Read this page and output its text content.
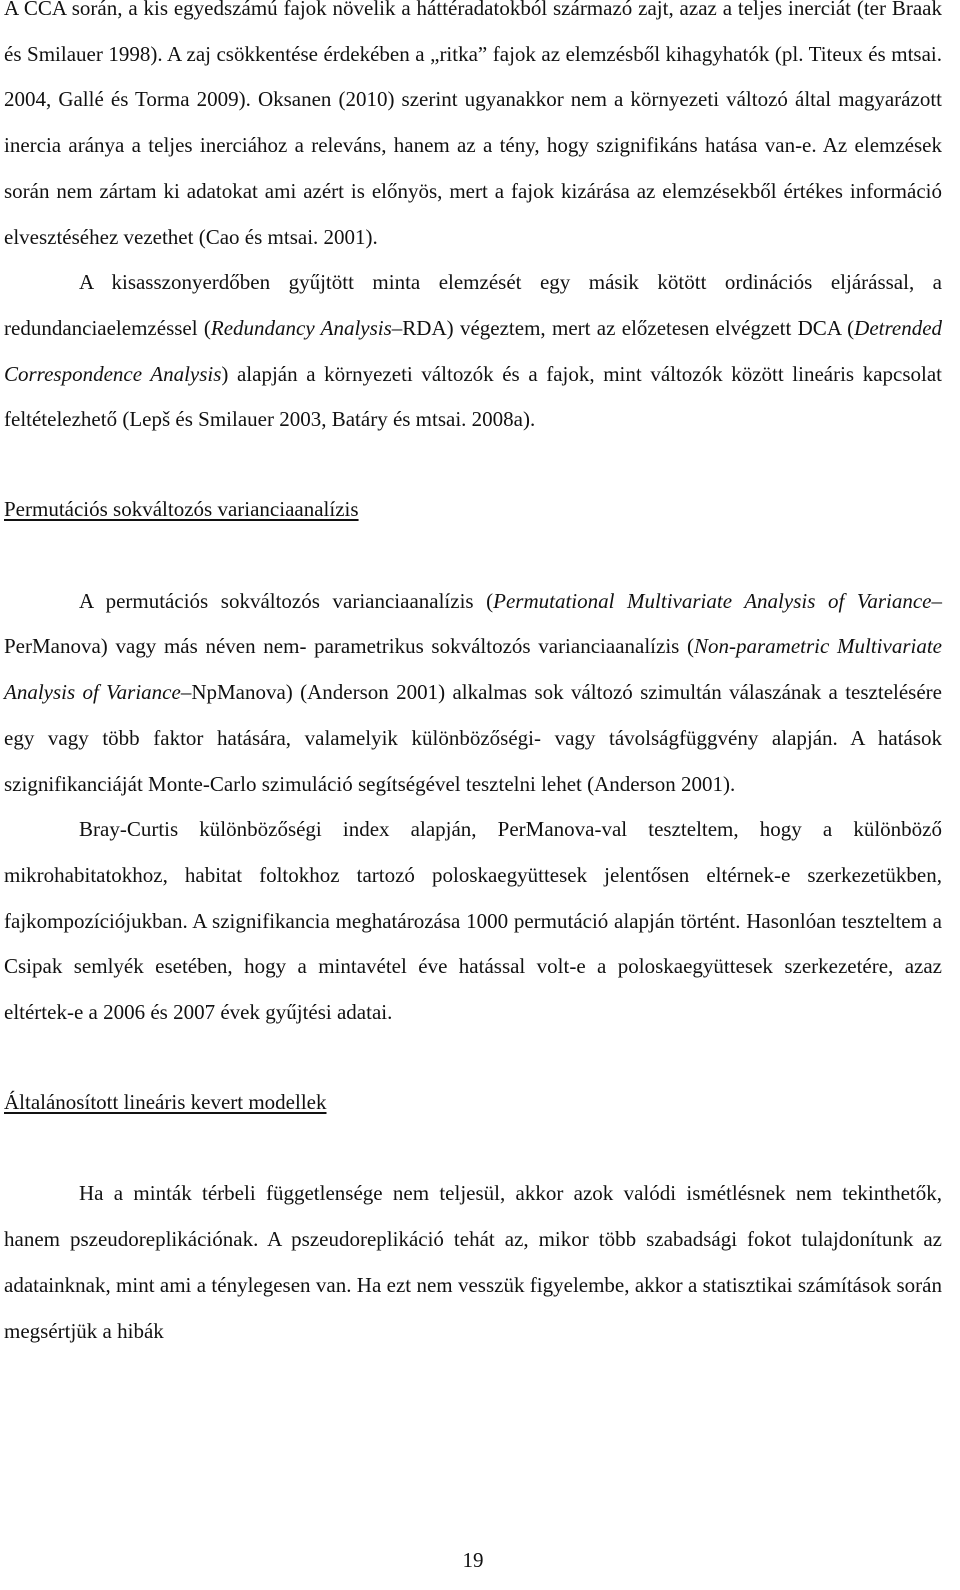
A CCA során, a kis egyedszámú fajok növelik a háttéradatokból származó zajt, azaz a teljes inerciát (ter Braak és Smilauer 1998). A zaj csökkentése érdekében a „ritka” fajok az elemzésből kihagyhatók (pl. Titeux és mtsai. 2004, Gallé és Torma 2009). Oksanen (2010) szerint ugyanakkor nem a környezeti változó által magyarázott inercia aránya a teljes inerciához a releváns, hanem az a tény, hogy szignifikáns hatása van-e. Az elemzések során nem zártam ki adatokat ami azért is előnyös, mert a fajok kizárása az elemzésekből értékes információ elvesztéséhez vezethet (Cao és mtsai. 2001).

A kisasszonyerdőben gyűjtött minta elemzését egy másik kötött ordinációs eljárással, a redundanciaelemzéssel (Redundancy Analysis–RDA) végeztem, mert az előzetesen elvégzett DCA (Detrended Correspondence Analysis) alapján a környezeti változók és a fajok, mint változók között lineáris kapcsolat feltételezhető (Lepš és Smilauer 2003, Batáry és mtsai. 2008a).

Permutációs sokváltozós varianciaanalízis

A permutációs sokváltozós varianciaanalízis (Permutational Multivariate Analysis of Variance–PerManova) vagy más néven nem- parametrikus sokváltozós varianciaanalízis (Non-parametric Multivariate Analysis of Variance–NpManova) (Anderson 2001) alkalmas sok változó szimultán válaszának a tesztelésére egy vagy több faktor hatására, valamelyik különbözőségi- vagy távolságfüggvény alapján. A hatások szignifikanciáját Monte-Carlo szimuláció segítségével tesztelni lehet (Anderson 2001).

Bray-Curtis különbözőségi index alapján, PerManova-val teszteltem, hogy a különböző mikrohabitatokhoz, habitat foltokhoz tartozó poloskaegyüttesek jelentősen eltérnek-e szerkezetükben, fajkompozíciójukban. A szignifikancia meghatározása 1000 permutáció alapján történt. Hasonlóan teszteltem a Csipak semlyék esetében, hogy a mintavétel éve hatással volt-e a poloskaegyüttesek szerkezetére, azaz eltértek-e a 2006 és 2007 évek gyűjtési adatai.

Általánosított lineáris kevert modellek

Ha a minták térbeli függetlensége nem teljesül, akkor azok valódi ismétlésnek nem tekinthetők, hanem pszeudoreplikációnak. A pszeudoreplikáció tehát az, mikor több szabadsági fokot tulajdonítunk az adatainknak, mint ami a ténylegesen van. Ha ezt nem vesszük figyelembe, akkor a statisztikai számítások során megsértjük a hibák

19
